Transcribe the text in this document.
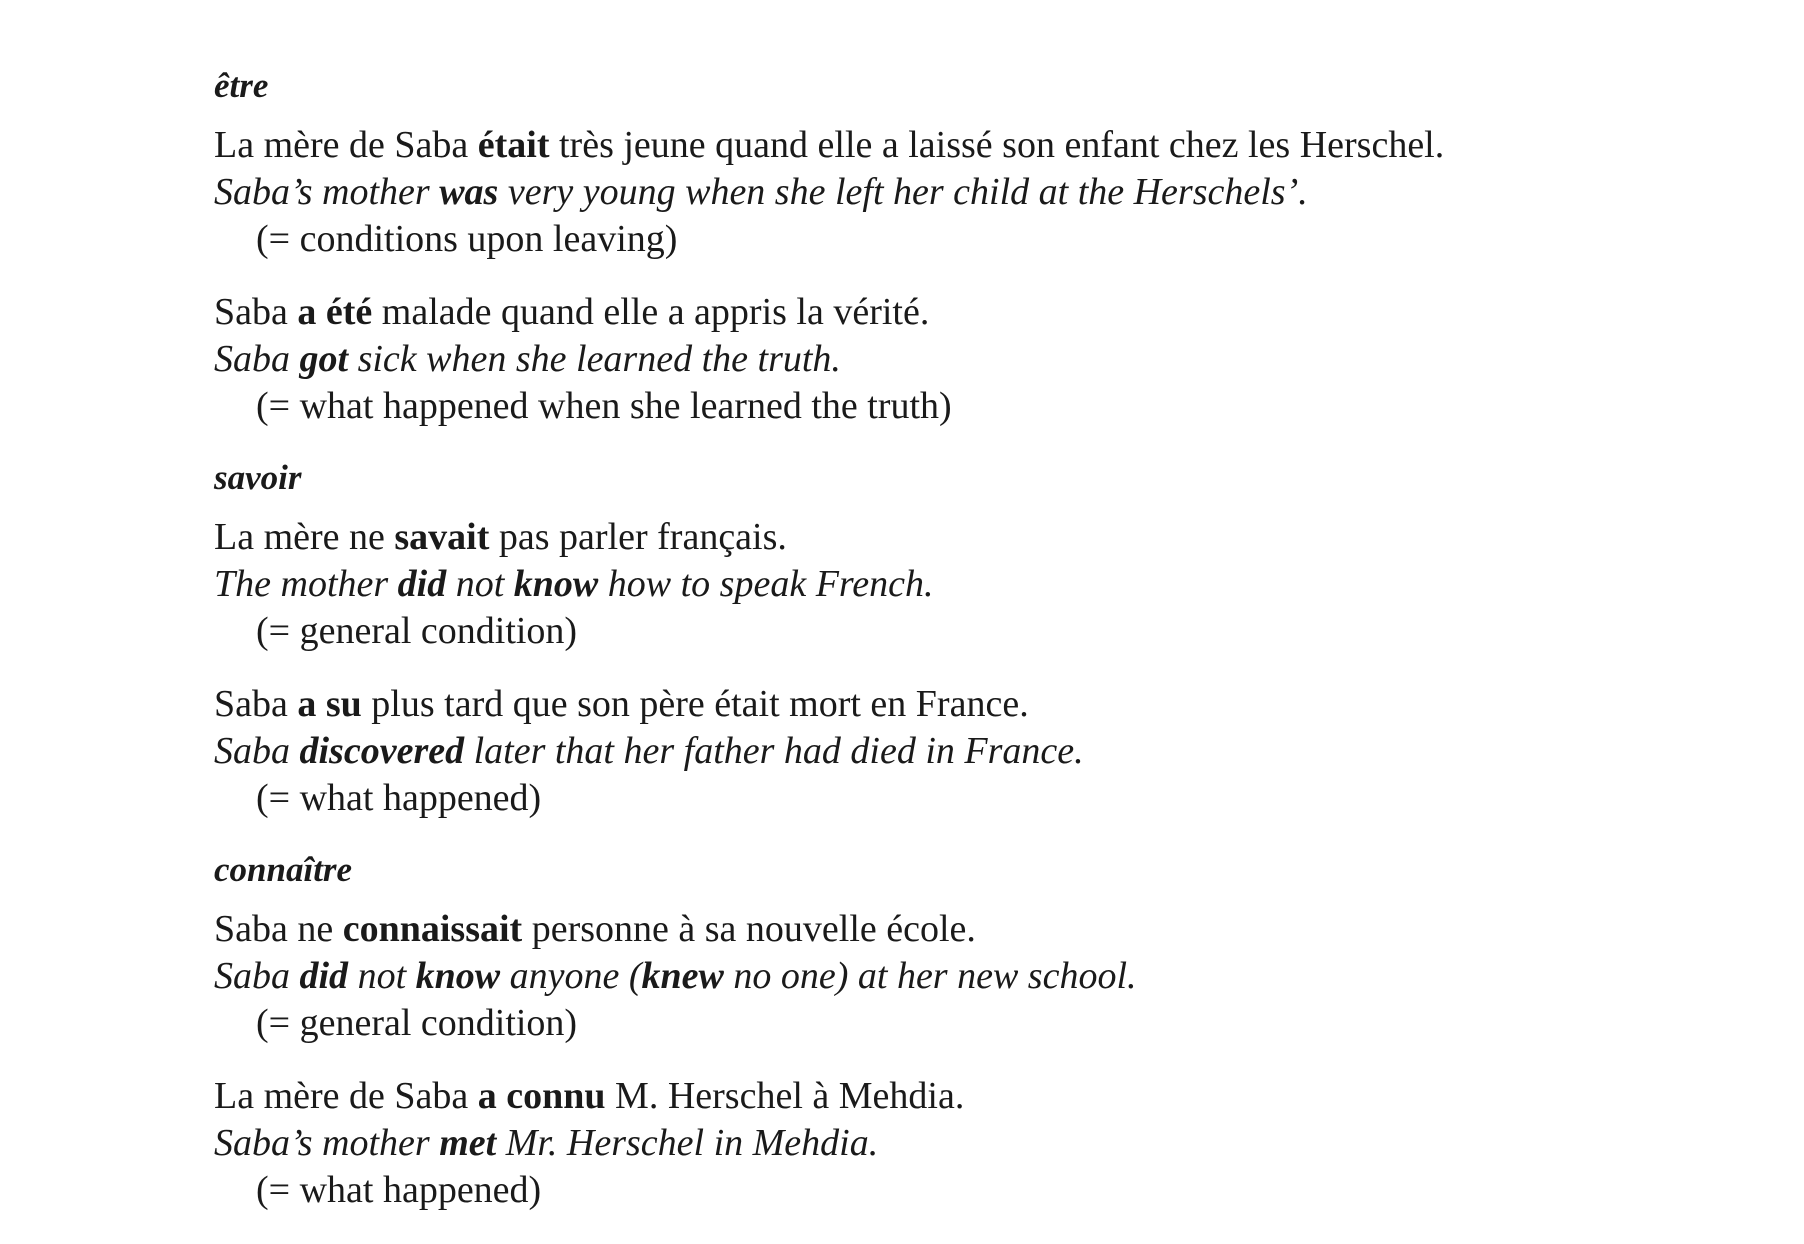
être
La mère de Saba était très jeune quand elle a laissé son enfant chez les Herschel.
Saba’s mother was very young when she left her child at the Herschels’.
(= conditions upon leaving)
Saba a été malade quand elle a appris la vérité.
Saba got sick when she learned the truth.
(= what happened when she learned the truth)
savoir
La mère ne savait pas parler français.
The mother did not know how to speak French.
(= general condition)
Saba a su plus tard que son père était mort en France.
Saba discovered later that her father had died in France.
(= what happened)
connaître
Saba ne connaissait personne à sa nouvelle école.
Saba did not know anyone (knew no one) at her new school.
(= general condition)
La mère de Saba a connu M. Herschel à Mehdia.
Saba’s mother met Mr. Herschel in Mehdia.
(= what happened)
